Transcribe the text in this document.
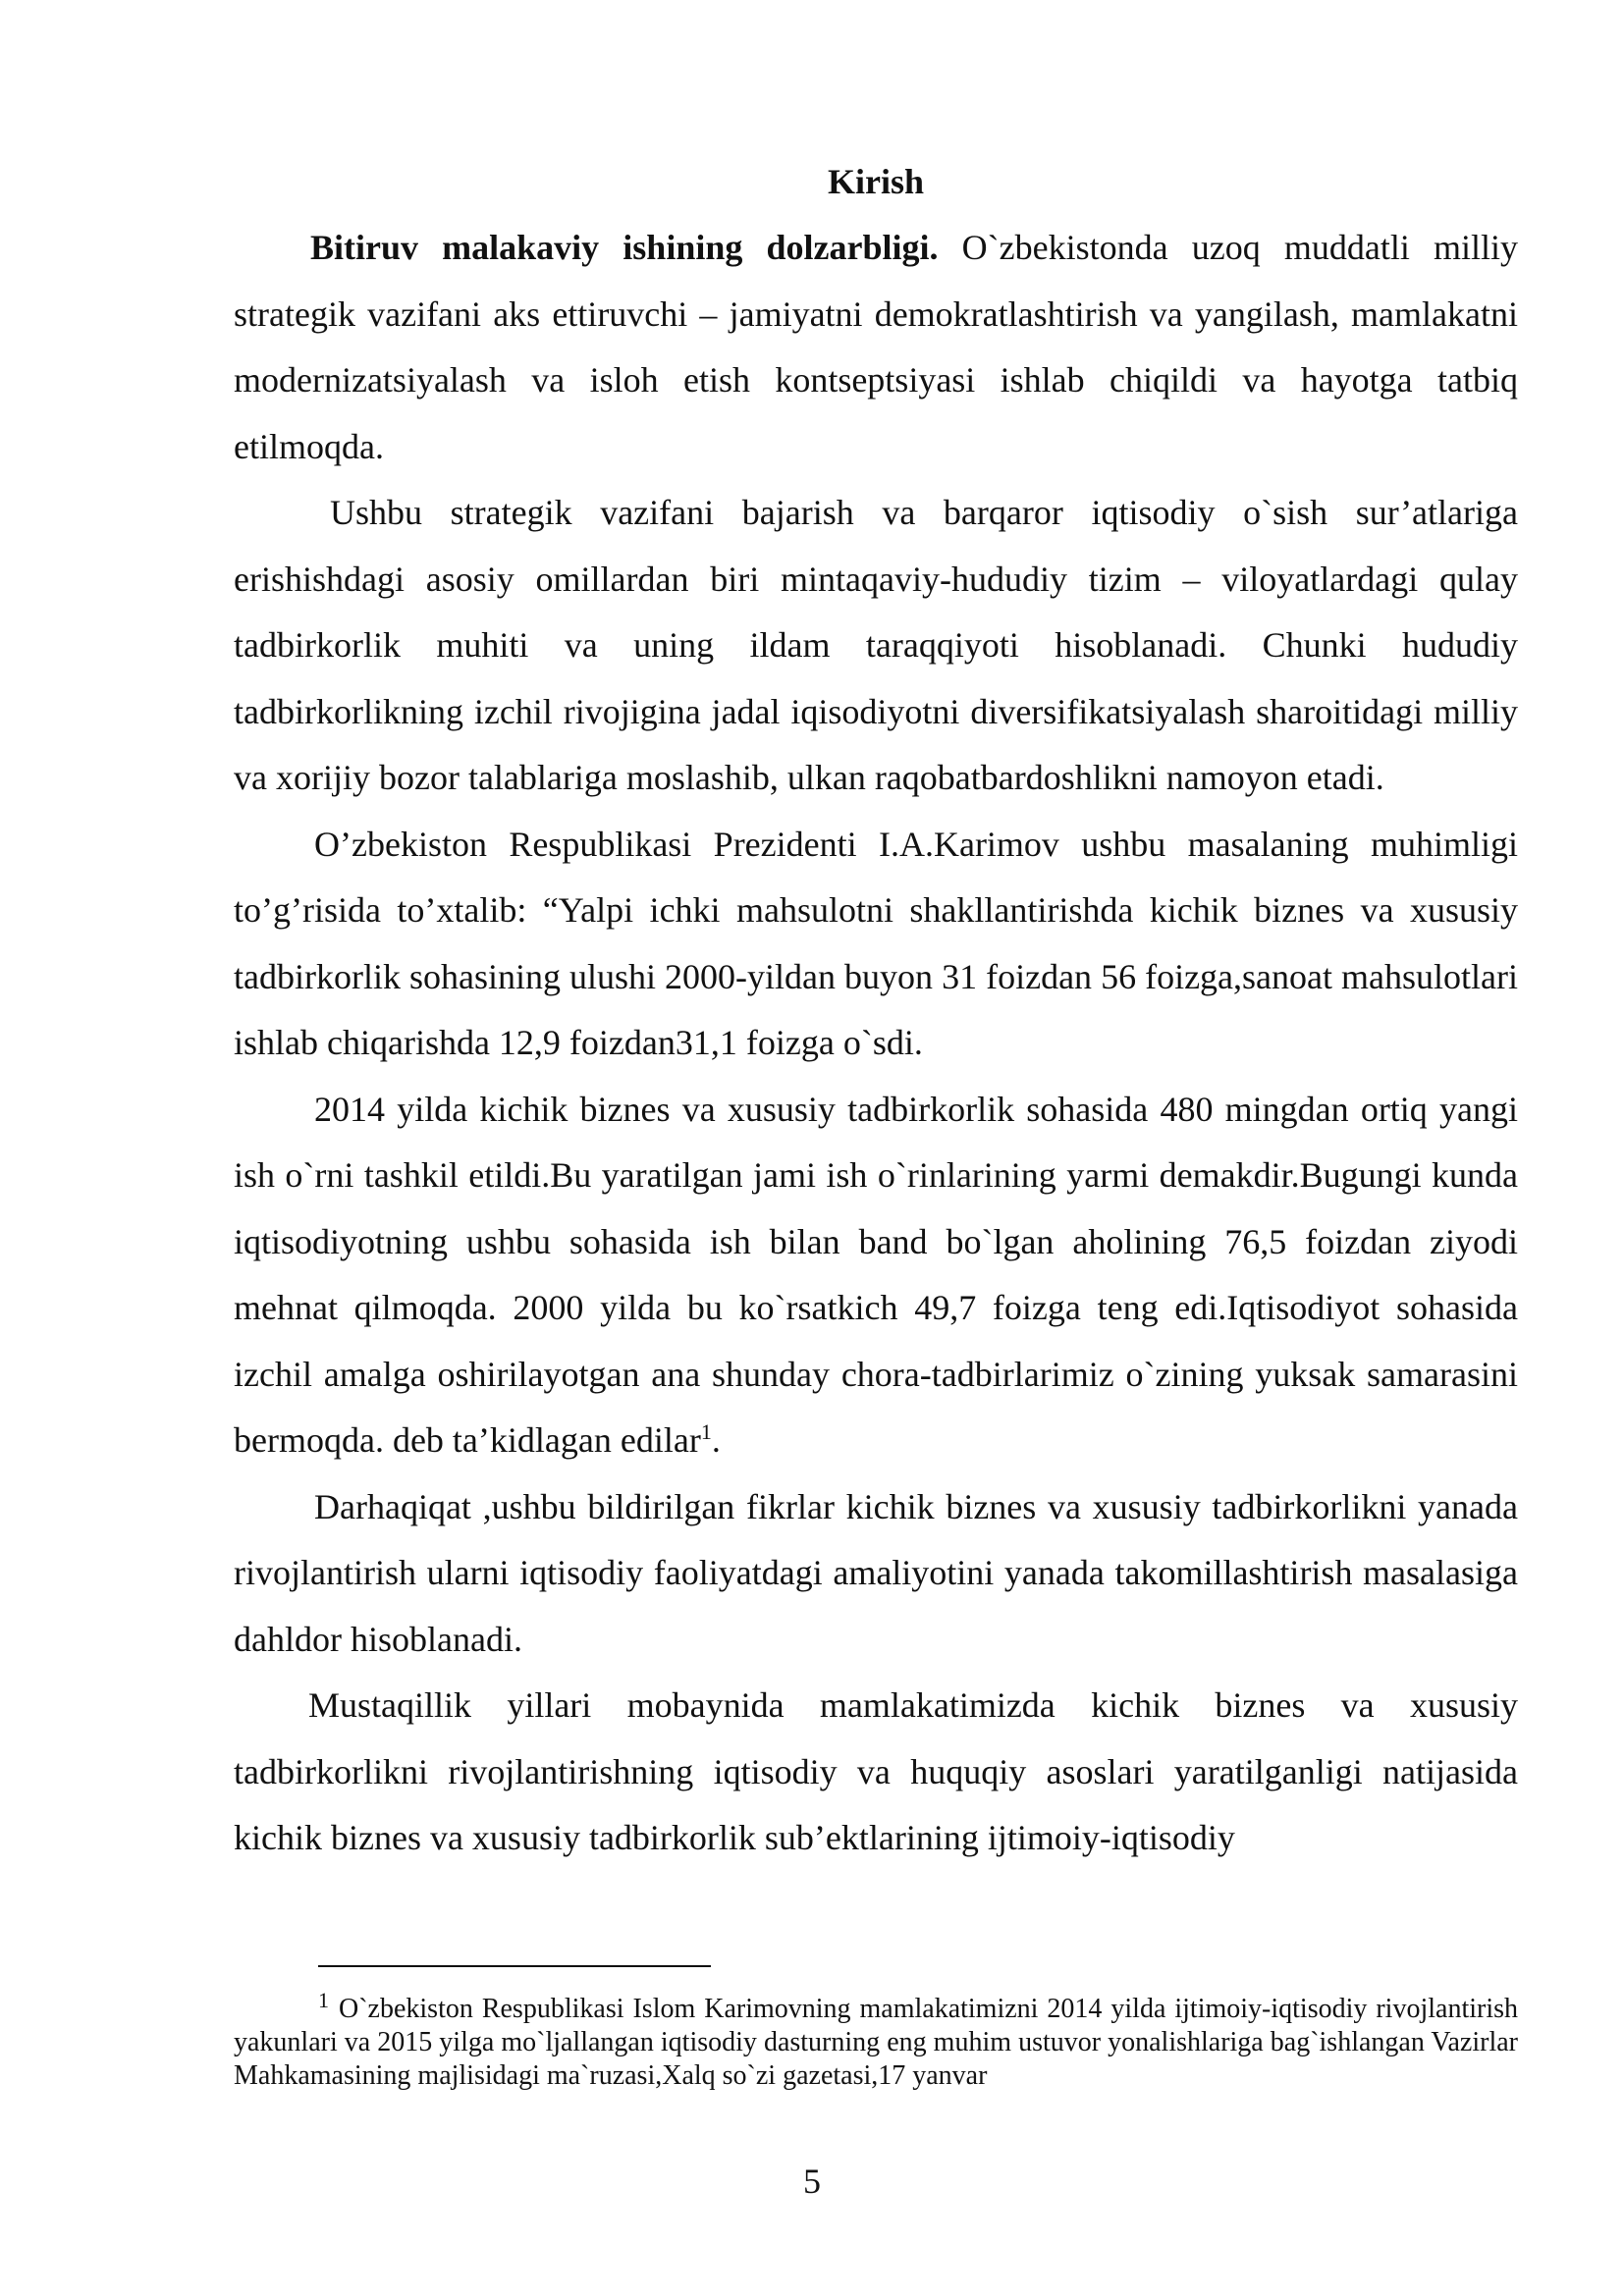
Kirish

Bitiruv malakaviy ishining dolzarbligi. O`zbekistonda uzoq muddatli milliy strategik vazifani aks ettiruvchi – jamiyatni demokratlashtirish va yangilash, mamlakatni modernizatsiyalash va isloh etish kontseptsiyasi ishlab chiqildi va hayotga tatbiq etilmoqda.

Ushbu strategik vazifani bajarish va barqaror iqtisodiy o`sish sur’atlariga erishishdagi asosiy omillardan biri mintaqaviy-hududiy tizim – viloyatlardagi qulay tadbirkorlik muhiti va uning ildam taraqqiyoti hisoblanadi. Chunki hududiy tadbirkorlikning izchil rivojigina jadal iqisodiyotni diversifikatsiyalash sharoitidagi milliy va xorijiy bozor talablariga moslashib, ulkan raqobatbardoshlikni namoyon etadi.

O’zbekiston Respublikasi Prezidenti I.A.Karimov ushbu masalaning muhimligi to’g’risida to’xtalib: “Yalpi ichki mahsulotni shakllantirishda kichik biznes va xususiy tadbirkorlik sohasining ulushi 2000-yildan buyon 31 foizdan 56 foizga,sanoat mahsulotlari ishlab chiqarishda 12,9 foizdan31,1 foizga o`sdi.

2014 yilda kichik biznes va xususiy tadbirkorlik sohasida 480 mingdan ortiq yangi ish o`rni tashkil etildi.Bu yaratilgan jami ish o`rinlarining yarmi demakdir.Bugungi kunda iqtisodiyotning ushbu sohasida ish bilan band bo`lgan aholining 76,5 foizdan ziyodi mehnat qilmoqda. 2000 yilda bu ko`rsatkich 49,7 foizga teng edi.Iqtisodiyot sohasida izchil amalga oshirilayotgan ana shunday chora-tadbirlarimiz o`zining yuksak samarasini bermoqda. deb ta’kidlagan edilar$^1$.

Darhaqiqat ,ushbu bildirilgan fikrlar kichik biznes va xususiy tadbirkorlikni yanada rivojlantirish ularni iqtisodiy faoliyatdagi amaliyotini yanada takomillashtirish masalasiga dahldor hisoblanadi.

Mustaqillik yillari mobaynida mamlakatimizda kichik biznes va xususiy tadbirkorlikni rivojlantirishning iqtisodiy va huquqiy asoslari yaratilganligi natijasida kichik biznes va xususiy tadbirkorlik sub’ektlarining ijtimoiy-iqtisodiy

$^1$ O`zbekiston Respublikasi Islom Karimovning mamlakatimizni 2014 yilda ijtimoiy-iqtisodiy rivojlantirish yakunlari va 2015 yilga mo`ljallangan iqtisodiy dasturning eng muhim ustuvor yonalishlariga bag`ishlangan Vazirlar Mahkamasining majlisidagi ma`ruzasi,Xalq so`zi gazetasi,17 yanvar
5
